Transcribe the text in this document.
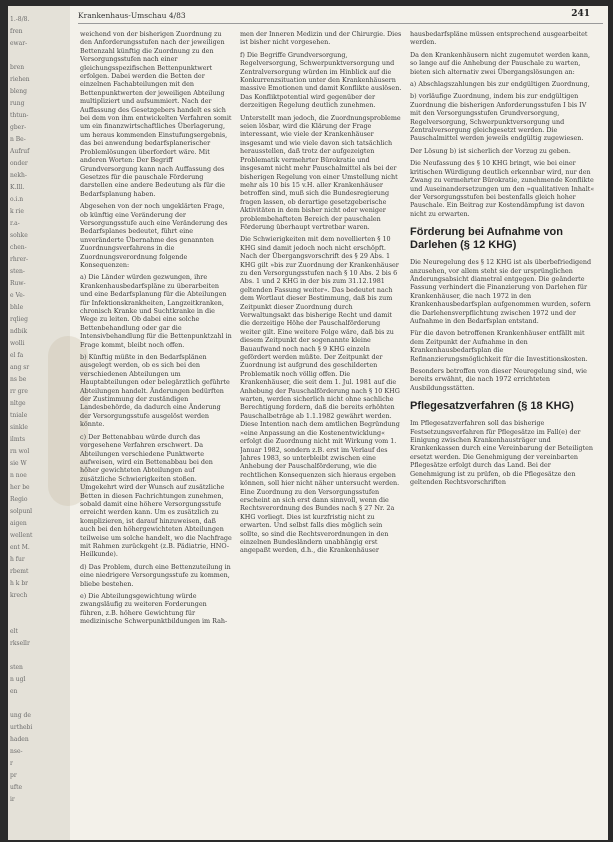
1.-8/8.
fren
ewar-
bren
riehen
bleng
rung
thtun-
gber-
n Be-
Aufruf
onder
nekh-
K.Ill.
o.i.n
k rie
r.a-
sohke
chen-
rhrer-
sten-
Ruw-
e Ve-
bhle
rqlieg
ndbik
wolli
el fa
ang sr
ns be
rr gre
nltge
tniale
sinkle
ilmts
rn wol
sie W
n noe
her be
Regio
solpunl
aigen
wellent
ent M.
h fur
rbemt
h k br
krech
elt
rksellr
sten
n ugl
en
ung de
urthebi
haden
nse-
r
pr
ufte
ir
Krankenhaus-Umschau 4/83	241

weichend von der bisherigen Zuordnung zu den Anforderungsstufen nach der jeweiligen Bettenzahl künftig die Zuordnung zu den Versorgungsstufen nach einer gleichungsspezifischen Bettenpunktwert erfolgen. Dabei werden die Betten der einzelnen Fachabteilungen mit den Bettenpunktwerten der jeweiligen Abteilung multipliziert und aufsummiert. Nach der Auffassung des Gesetzgebers handelt es sich bei dem von ihm entwickelten Verfahren somit um ein finanzwirtschaftliches Überlagerung, um heraus kommenden Einstufungsergebnis, das bei anwendung bedarfsplanerischer Problemlösungen überfordert wäre. Mit anderen Worten: Der Begriff Grundversorgung kann nach Auffassung des Gesetzes für die pauschale Förderung darstellen eine andere Bedeutung als für die Bedarfsplanung haben.

Abgesehen von der noch ungeklärten Frage, ob künftig eine Veränderung der Versorgungsstufe auch eine Veränderung des Bedarfsplanes bedeutet, führt eine unveränderte Übernahme des genannten Zuordnungsverfahrens in die Zuordnungsverordnung folgende Konsequenzen:

a) Die Länder würden gezwungen, ihre Krankenhausbedarfspläne zu überarbeiten und eine Bedarfsplanung für die Abteilungen für Infektionskrankheiten, Langzeitkranken, chronisch Kranke und Suchtkranke in die Wege zu leiten. Ob dabei eine solche Bettenbehandlung oder gar die Intensivbehandlung für die Bettenpunktzahl in Frage kommt, bleibt noch offen.

b) Künftig müßte in den Bedarfsplänen ausgelegt werden, ob es sich bei den verschiedenen Abteilungen um Hauptabteilungen oder belegärztlich geführte Abteilungen handelt. Änderungen bedürften der Zustimmung der zuständigen Landesbehörde, da dadurch eine Änderung der Versorgungsstufe ausgelöst werden könnte.

c) Der Bettenabbau würde durch das vorgesehene Verfahren erschwert. Da Abteilungen verschiedene Punktwerte aufweisen, wird ein Bettenabbau bei den höher gewichteten Abteilungen auf zusätzliche Schwierigkeiten stoßen. Umgekehrt wird der Wunsch auf zusätzliche Betten in diesen Fachrichtungen zunehmen, sobald damit eine höhere Versorgungsstufe erreicht werden kann. Um es zusätzlich zu komplizieren, ist darauf hinzuweisen, daß auch bei den höhergewichteten Abteilungen teilweise um solche handelt, wo die Nachfrage mit Rahmen zurückgeht (z.B. Pädiatrie, HNO-Heilkunde).

d) Das Problem, durch eine Bettenzuteilung in eine niedrigere Versorgungsstufe zu kommen, bliebe bestehen.

e) Die Abteilungsgewichtung würde zwangsläufig zu weiteren Forderungen führen, z.B. höhere Gewichtung für medizinische Schwerpunktbildungen im Rah-

men der Inneren Medizin und der Chirurgie. Dies ist bisher nicht vorgesehen.

f) Die Begriffe Grundversorgung, Regelversorgung, Schwerpunktversorgung und Zentralversorgung würden im Hinblick auf die Konkurrenzsituation unter den Krankenhäusern massive Emotionen und damit Konflikte auslösen. Das Konfliktpotential wird gegenüber der derzeitigen Regelung deutlich zunehmen.

Unterstellt man jedoch, die Zuordnungsprobleme seien lösbar, wird die Klärung der Frage interessant, wie viele der Krankenhäuser insgesamt und wie viele davon sich tatsächlich herausstellen, daß trotz der aufgezeigten Problematik vermehrter Bürokratie und insgesamt nicht mehr Pauschalmittel als bei der bisherigen Regelung von einer Umstellung nicht mehr als 10 bis 15 v.H. aller Krankenhäuser betroffen sind, muß sich die Bundesregierung fragen lassen, ob derartige gesetzgeberische Aktivitäten in dem bisher nicht oder weniger problembehafteten Bereich der pauschalen Förderung überhaupt vertretbar waren.

Die Schwierigkeiten mit dem novellierten § 10 KHG sind damit jedoch noch nicht erschöpft. Nach der Übergangsvorschrift des § 29 Abs. 1 KHG gilt »bis zur Zuordnung der Krankenhäuser zu den Versorgungsstufen nach § 10 Abs. 2 bis 6 Abs. 1 und 2 KHG in der bis zum 31.12.1981 geltenden Fassung weiter«. Das bedeutet nach dem Wortlaut dieser Bestimmung, daß bis zum Zeitpunkt dieser Zuordnung durch Verwaltungsakt das bisherige Recht und damit die derzeitige Höhe der Pauschalförderung weiter gilt. Eine weitere Folge wäre, daß bis zu diesem Zeitpunkt der sogenannte kleine Bauaufwand noch nach § 9 KHG einzeln gefördert werden müßte. Der Zeitpunkt der Zuordnung ist aufgrund des geschilderten Problematik noch völlig offen. Die Krankenhäuser, die seit dem 1. Jul. 1981 auf die Anhebung der Pauschalförderung nach § 10 KHG warten, werden sicherlich nicht ohne sachliche Berechtigung fordern, daß die bereits erhöhten Pauschalbeträge ab 1.1.1982 gewährt werden. Diese Intention nach dem amtlichen Begründung »eine Anpassung an die Kostenentwicklung« erfolgt die Zuordnung nicht mit Wirkung vom 1. Januar 1982, sondern z.B. erst im Verlauf des Jahres 1983, so unterbleibt zwischen eine Anhebung der Pauschalförderung, wie die rechtlichen Konsequenzen sich hieraus ergeben können, soll hier nicht näher untersucht werden. Eine Zuordnung zu den Versorgungsstufen erscheint an sich erst dann sinnvoll, wenn die Rechtsverordnung des Bundes nach § 27 Nr. 2a KHG vorliegt. Dies ist kurzfristig nicht zu erwarten. Und selbst falls dies möglich sein sollte, so sind die Rechtsverordnungen in den einzelnen Bundesländern unabhängig erst angepaßt werden, d.h., die Krankenhäuser

hausbedarfspläne müssen entsprechend ausgearbeitet werden.

Da den Krankenhäusern nicht zugemutet werden kann, so lange auf die Anhebung der Pauschale zu warten, bieten sich alternativ zwei Übergangslösungen an:

a) Abschlagszahlungen bis zur endgültigen Zuordnung,

b) vorläufige Zuordnung, indem bis zur endgültigen Zuordnung die bisherigen Anforderungsstufen I bis IV mit den Versorgungsstufen Grundversorgung, Regelversorgung, Schwerpunktversorgung und Zentralversorgung gleichgesetzt werden. Die Pauschalmittel werden jeweils endgültig zugewiesen.

Der Lösung b) ist sicherlich der Vorzug zu geben.

Die Neufassung des § 10 KHG bringt, wie bei einer kritischen Würdigung deutlich erkennbar wird, nur den Zwang zu vermehrter Bürokratie, zunehmende Konflikte und Auseinandersetzungen um den »qualitativen Inhalt« der Versorgungsstufen bei bestenfalls gleich hoher Pauschale. Ein Beitrag zur Kostendämpfung ist davon nicht zu erwarten.

Förderung bei Aufnahme von Darlehen (§ 12 KHG)

Die Neuregelung des § 12 KHG ist als überbefriedigend anzusehen, vor allem steht sie der ursprünglichen Änderungsabsicht diametral entgegen. Die geänderte Fassung verhindert die Finanzierung von Darlehen für Krankenhäuser, die nach 1972 in den Krankenhausbedarfsplan aufgenommen wurden, sofern die Darlehensverpflichtung zwischen 1972 und der Aufnahme in den Bedarfsplan entstand.

Für die davon betroffenen Krankenhäuser entfällt mit dem Zeitpunkt der Aufnahme in den Krankenhausbedarfsplan die Refinanzierungsmöglichkeit für die Investitionskosten.

Besonders betroffen von dieser Neuregelung sind, wie bereits erwähnt, die nach 1972 errichteten Ausbildungsstätten.

Pflegesatzverfahren (§ 18 KHG)

Im Pflegesatzverfahren soll das bisherige Festsetzungsverfahren für Pflegesätze im Fall(e) der Einigung zwischen Krankenhausträger und Krankenkassen durch eine Vereinbarung der Beteiligten ersetzt werden. Die Genehmigung der vereinbarten Pflegesätze erfolgt durch das Land. Bei der Genehmigung ist zu prüfen, ob die Pflegesätze den geltenden Rechtsvorschriften
